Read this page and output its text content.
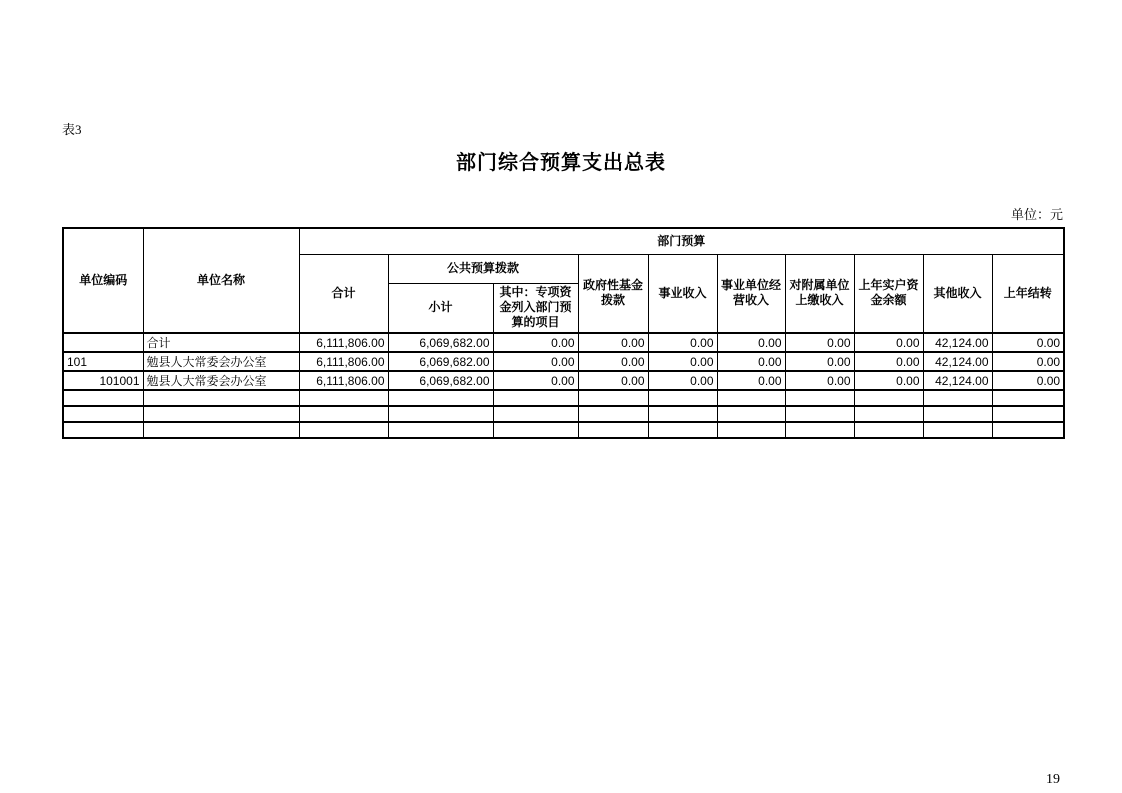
表3
部门综合预算支出总表
单位：元
单位编码	单位名称	部门预算									
		合计	公共预算拨款		政府性基金拨款	事业收入	事业单位经营收入	对附属单位上缴收入	上年实户资金余额	其他收入	上年结转
			小计	其中：专项资金列入部门预算的项目							
	合计	6,111,806.00	6,069,682.00	0.00	0.00	0.00	0.00	0.00	0.00	42,124.00	0.00
101	勉县人大常委会办公室	6,111,806.00	6,069,682.00	0.00	0.00	0.00	0.00	0.00	0.00	42,124.00	0.00
101001	勉县人大常委会办公室	6,111,806.00	6,069,682.00	0.00	0.00	0.00	0.00	0.00	0.00	42,124.00	0.00

19
